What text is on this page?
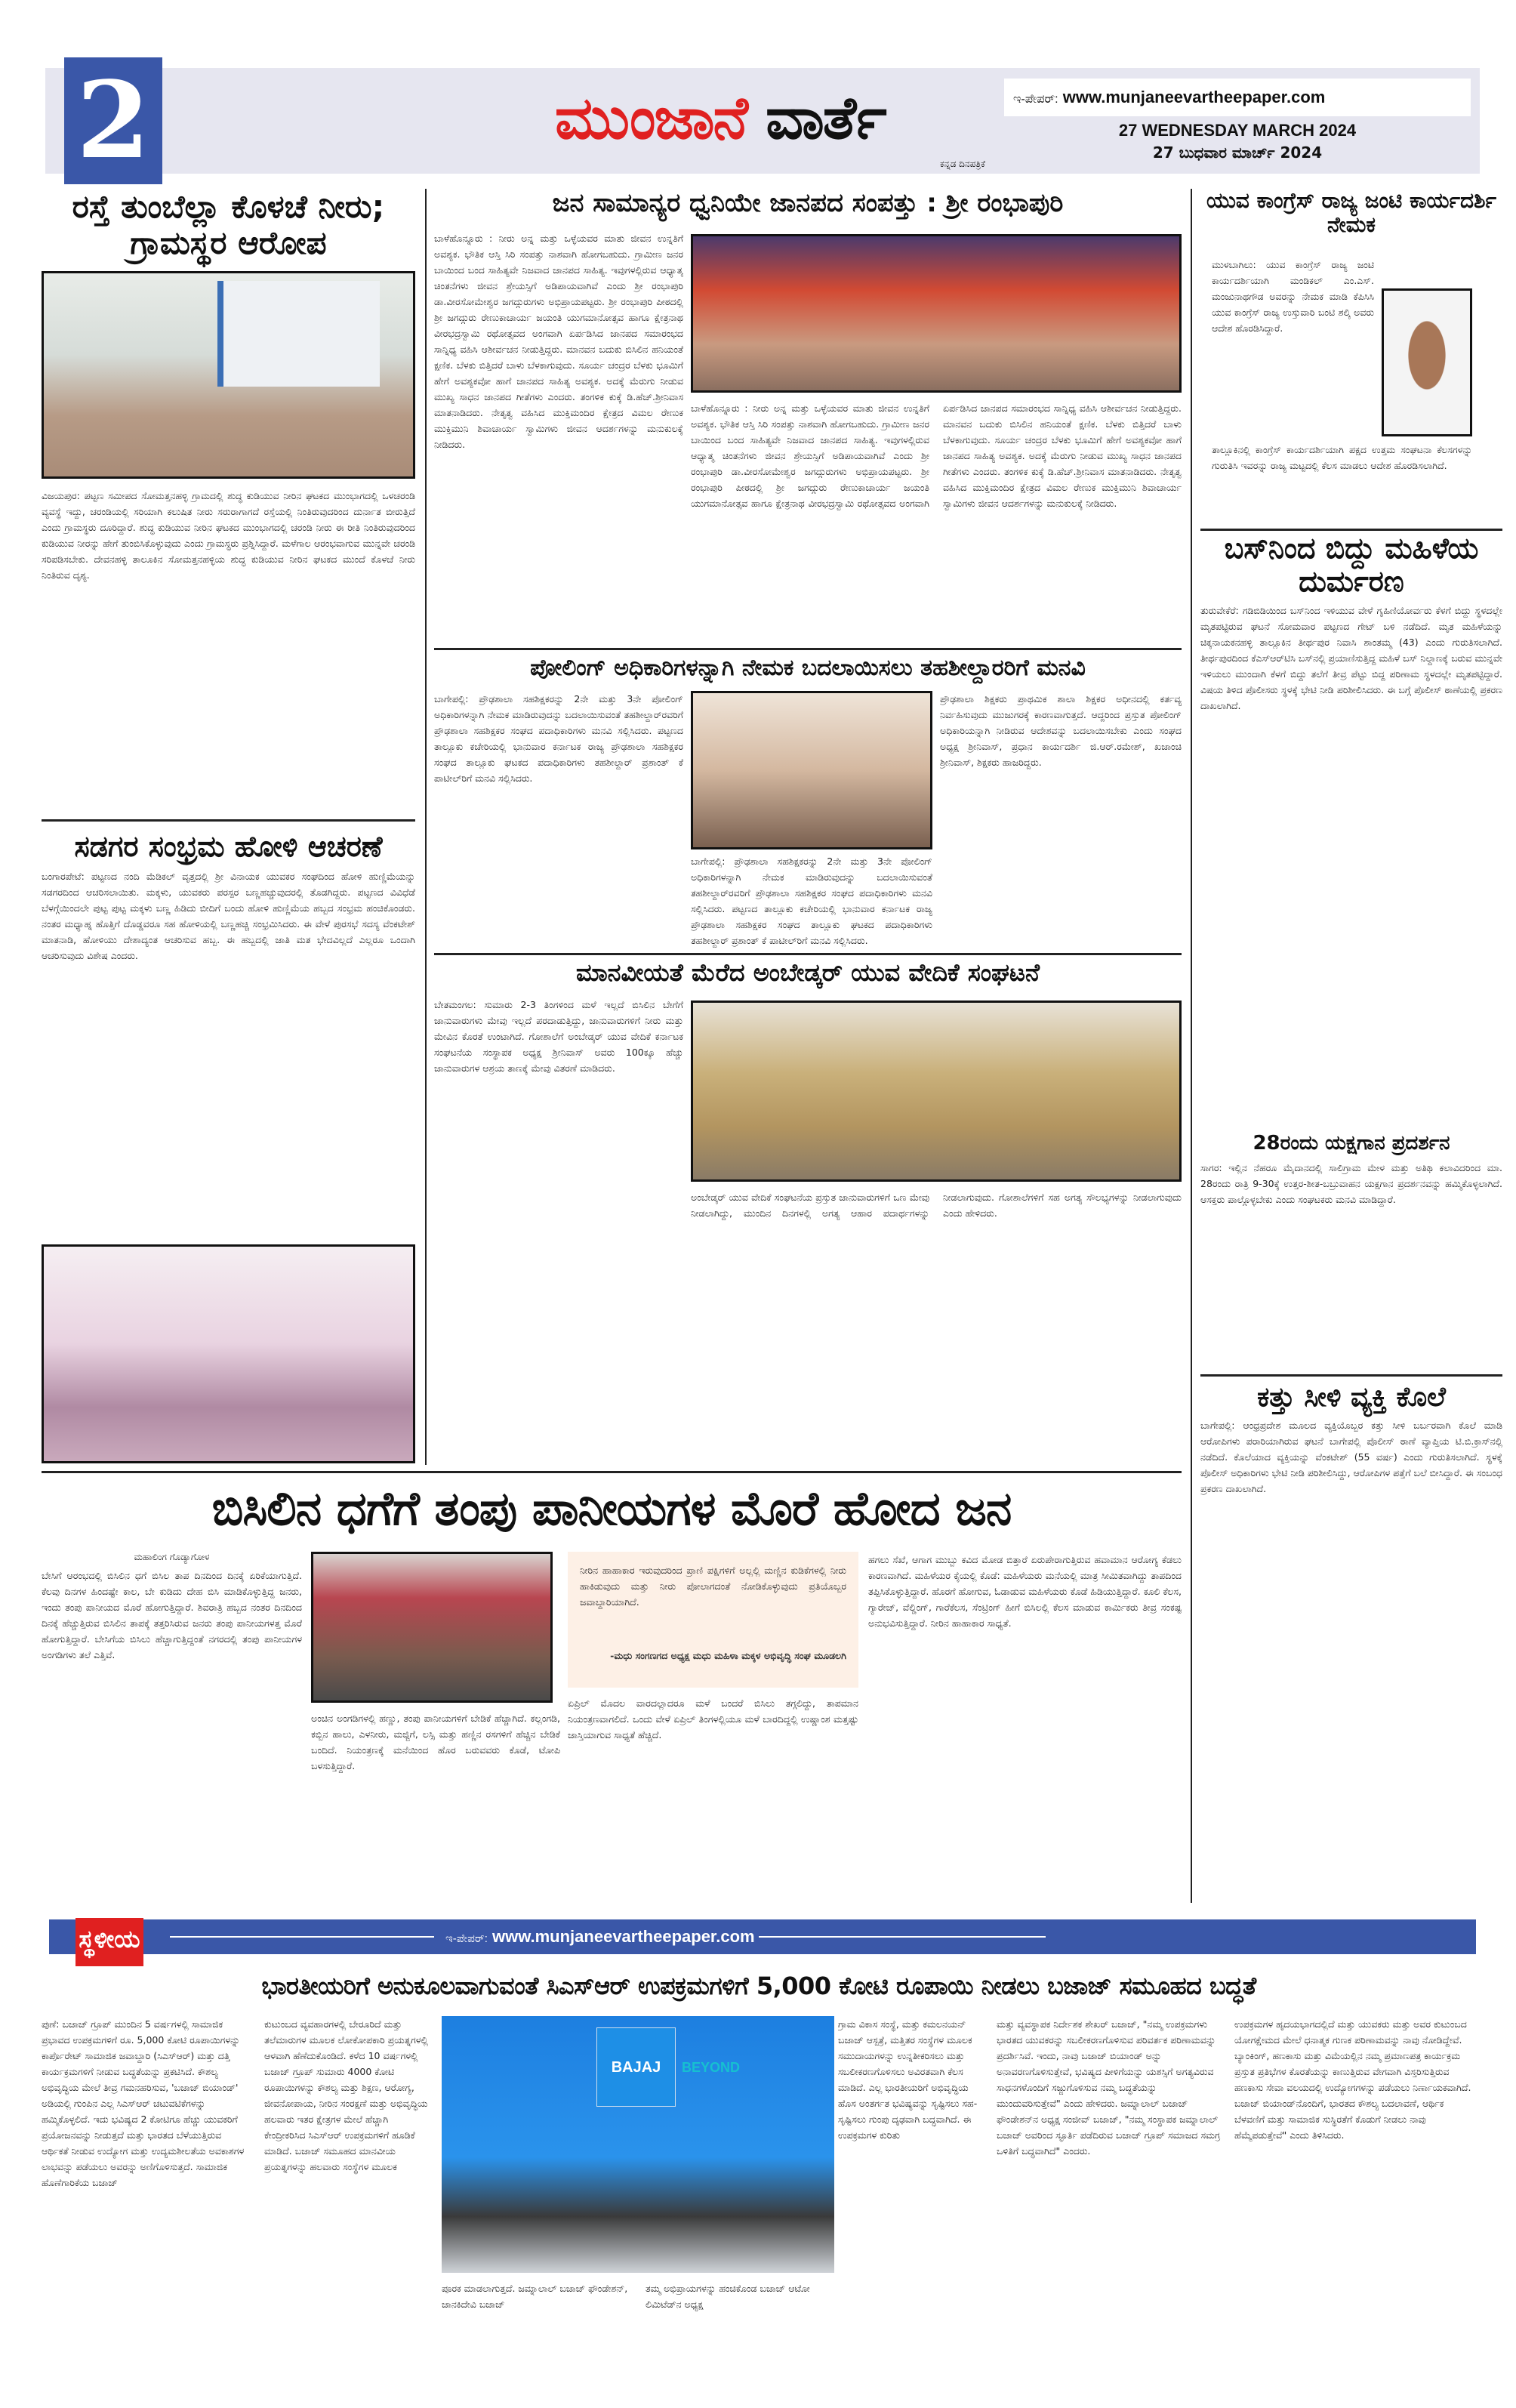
2	ಮುಂಜಾನೆ ವಾರ್ತೆ
ಕನ್ನಡ ದಿನಪತ್ರಿಕೆ
ಇ-ಪೇಪರ್: www.munjaneevartheepaper.com
27 WEDNESDAY MARCH 2024
27 ಬುಧವಾರ ಮಾರ್ಚ್ 2024
ರಸ್ತೆ ತುಂಬೆಲ್ಲಾ ಕೊಳಚೆ ನೀರು; ಗ್ರಾಮಸ್ಥರ ಆರೋಪ
ವಿಜಯಪುರ: ಪಟ್ಟಣ ಸಮೀಪದ ಸೋಮತ್ತನಹಳ್ಳಿ ಗ್ರಾಮದಲ್ಲಿ ಶುದ್ಧ ಕುಡಿಯುವ ನೀರಿನ ಘಟಕದ ಮುಂಭಾಗದಲ್ಲಿ ಒಳಚರಂಡಿ ವ್ಯವಸ್ಥೆ ಇದ್ದು, ಚರಂಡಿಯಲ್ಲಿ ಸರಿಯಾಗಿ ಕಲುಷಿತ ನೀರು ಸರುರಾಗಾಗದೆ ರಸ್ತೆಯಲ್ಲಿ ನಿಂತಿರುವುದರಿಂದ ದುರ್ನಾತ ಬೀರುತ್ತಿದೆ ಎಂದು ಗ್ರಾಮಸ್ಥರು ದೂರಿದ್ದಾರೆ. ಶುದ್ಧ ಕುಡಿಯುವ ನೀರಿನ ಘಟಕದ ಮುಂಭಾಗದಲ್ಲಿ ಚರಂಡಿ ನೀರು ಈ ರೀತಿ ನಿಂತಿರುವುದರಿಂದ ಕುಡಿಯುವ ನೀರನ್ನು ಹೇಗೆ ತುಂಬಿಸಿಕೊಳ್ಳುವುದು ಎಂದು ಗ್ರಾಮಸ್ಥರು ಪ್ರಶ್ನಿಸಿದ್ದಾರೆ. ಮಳೆಗಾಲ ಆರಂಭವಾಗುವ ಮುನ್ನವೇ ಚರಂಡಿ ಸರಿಪಡಿಸಬೇಕು. ದೇವನಹಳ್ಳಿ ತಾಲೂಕಿನ ಸೋಮತ್ತನಹಳ್ಳಿಯ ಶುದ್ಧ ಕುಡಿಯುವ ನೀರಿನ ಘಟಕದ ಮುಂದೆ ಕೊಳಚೆ ನೀರು ನಿಂತಿರುವ ದೃಶ್ಯ.
ಸಡಗರ ಸಂಭ್ರಮ ಹೋಳಿ ಆಚರಣೆ
ಬಂಗಾರಪೇಟೆ: ಪಟ್ಟಣದ ನಂದಿ ಮೆಡಿಕಲ್ ವೃತ್ತದಲ್ಲಿ ಶ್ರೀ ವಿನಾಯಕ ಯುವಕರ ಸಂಘದಿಂದ ಹೋಳಿ ಹುಣ್ಣಿಮೆಯನ್ನು ಸಡಗರದಿಂದ ಆಚರಿಸಲಾಯಿತು. ಮಕ್ಕಳು, ಯುವಕರು ಪರಸ್ಪರ ಬಣ್ಣಹಚ್ಚುವುದರಲ್ಲಿ ತೊಡಗಿದ್ದರು. ಪಟ್ಟಣದ ವಿವಿಧೆಡೆ ಬೆಳಗ್ಗೆಯಿಂದಲೇ ಪುಟ್ಟ ಪುಟ್ಟ ಮಕ್ಕಳು ಬಣ್ಣ ಹಿಡಿದು ಬೀದಿಗೆ ಬಂದು ಹೋಳಿ ಹುಣ್ಣಿಮೆಯ ಹಬ್ಬದ ಸಂಭ್ರಮ ಹಂಚಿಕೊಂಡರು. ನಂತರ ಮಧ್ಯಾಹ್ನ ಹೊತ್ತಿಗೆ ದೊಡ್ಡವರೂ ಸಹ ಹೋಳಿಯಲ್ಲಿ ಬಣ್ಣಹಚ್ಚಿ ಸಂಭ್ರಮಿಸಿದರು. ಈ ವೇಳೆ ಪುರಸಭೆ ಸದಸ್ಯ ವೆಂಕಟೇಶ್ ಮಾತನಾಡಿ, ಹೋಳಿಯು ದೇಶಾದ್ಯಂತ ಆಚರಿಸುವ ಹಬ್ಬ. ಈ ಹಬ್ಬದಲ್ಲಿ ಜಾತಿ ಮತ ಭೇದವಿಲ್ಲದೆ ಎಲ್ಲರೂ ಒಂದಾಗಿ ಆಚರಿಸುವುದು ವಿಶೇಷ ಎಂದರು.
ಜನ ಸಾಮಾನ್ಯರ ಧ್ವನಿಯೇ ಜಾನಪದ ಸಂಪತ್ತು : ಶ್ರೀ ರಂಭಾಪುರಿ
ಬಾಳೆಹೊನ್ನೂರು : ನೀರು ಅನ್ನ ಮತ್ತು ಒಳ್ಳೆಯವರ ಮಾತು ಜೀವನ ಉನ್ನತಿಗೆ ಅವಶ್ಯಕ. ಭೌತಿಕ ಆಸ್ತಿ ಸಿರಿ ಸಂಪತ್ತು ನಾಶವಾಗಿ ಹೋಗಬಹುದು. ಗ್ರಾಮೀಣ ಜನರ ಬಾಯಿಂದ ಬಂದ ಸಾಹಿತ್ಯವೇ ನಿಜವಾದ ಜಾನಪದ ಸಾಹಿತ್ಯ. ಇವುಗಳಲ್ಲಿರುವ ಆಧ್ಯಾತ್ಮ ಚಿಂತನೆಗಳು ಜೀವನ ಶ್ರೇಯಸ್ಸಿಗೆ ಅಡಿಪಾಯವಾಗಿವೆ ಎಂದು ಶ್ರೀ ರಂಭಾಪುರಿ ಡಾ.ವೀರಸೋಮೇಶ್ವರ ಜಗದ್ಗುರುಗಳು ಅಭಿಪ್ರಾಯಪಟ್ಟರು. ಶ್ರೀ ರಂಭಾಪುರಿ ಪೀಠದಲ್ಲಿ ಶ್ರೀ ಜಗದ್ಗುರು ರೇಣುಕಾಚಾರ್ಯ ಜಯಂತಿ ಯುಗಮಾನೋತ್ಸವ ಹಾಗೂ ಕ್ಷೇತ್ರನಾಥ ವೀರಭದ್ರಸ್ವಾಮಿ ರಥೋತ್ಸವದ ಅಂಗವಾಗಿ ಏರ್ಪಡಿಸಿದ ಜಾನಪದ ಸಮಾರಂಭದ ಸಾನ್ನಿಧ್ಯ ವಹಿಸಿ ಆಶೀರ್ವಚನ ನೀಡುತ್ತಿದ್ದರು. ಮಾನವನ ಬದುಕು ಬಿಸಿಲಿನ ಹನಿಯಂತೆ ಕ್ಷಣಿಕ. ಬೆಳಕು ಬಿತ್ತಿದರೆ ಬಾಳು ಬೆಳಕಾಗುವುದು. ಸೂರ್ಯ ಚಂದ್ರರ ಬೆಳಕು ಭೂಮಿಗೆ ಹೇಗೆ ಅವಶ್ಯಕವೋ ಹಾಗೆ ಜಾನಪದ ಸಾಹಿತ್ಯ ಅವಶ್ಯಕ. ಅದಕ್ಕೆ ಮೆರುಗು ನೀಡುವ ಮುಖ್ಯ ಸಾಧನ ಜಾನಪದ ಗೀತೆಗಳು ಎಂದರು. ತಂಗಳಿಕ ಕುಕ್ಕೆ ಡಿ.ಹೆಚ್.ಶ್ರೀನಿವಾಸ ಮಾತನಾಡಿದರು. ನೇತೃತ್ವ ವಹಿಸಿದ ಮುಕ್ತಿಮಂದಿರ ಕ್ಷೇತ್ರದ ವಿಮಲ ರೇಣುಕ ಮುಕ್ತಿಮುನಿ ಶಿವಾಚಾರ್ಯ ಸ್ವಾಮಿಗಳು ಜೀವನ ಆದರ್ಶಗಳನ್ನು ಮನುಕುಲಕ್ಕೆ ನೀಡಿದರು.
ಬಾಳೆಹೊನ್ನೂರು : ನೀರು ಅನ್ನ ಮತ್ತು ಒಳ್ಳೆಯವರ ಮಾತು ಜೀವನ ಉನ್ನತಿಗೆ ಅವಶ್ಯಕ. ಭೌತಿಕ ಆಸ್ತಿ ಸಿರಿ ಸಂಪತ್ತು ನಾಶವಾಗಿ ಹೋಗಬಹುದು. ಗ್ರಾಮೀಣ ಜನರ ಬಾಯಿಂದ ಬಂದ ಸಾಹಿತ್ಯವೇ ನಿಜವಾದ ಜಾನಪದ ಸಾಹಿತ್ಯ. ಇವುಗಳಲ್ಲಿರುವ ಆಧ್ಯಾತ್ಮ ಚಿಂತನೆಗಳು ಜೀವನ ಶ್ರೇಯಸ್ಸಿಗೆ ಅಡಿಪಾಯವಾಗಿವೆ ಎಂದು ಶ್ರೀ ರಂಭಾಪುರಿ ಡಾ.ವೀರಸೋಮೇಶ್ವರ ಜಗದ್ಗುರುಗಳು ಅಭಿಪ್ರಾಯಪಟ್ಟರು. ಶ್ರೀ ರಂಭಾಪುರಿ ಪೀಠದಲ್ಲಿ ಶ್ರೀ ಜಗದ್ಗುರು ರೇಣುಕಾಚಾರ್ಯ ಜಯಂತಿ ಯುಗಮಾನೋತ್ಸವ ಹಾಗೂ ಕ್ಷೇತ್ರನಾಥ ವೀರಭದ್ರಸ್ವಾಮಿ ರಥೋತ್ಸವದ ಅಂಗವಾಗಿ ಏರ್ಪಡಿಸಿದ ಜಾನಪದ ಸಮಾರಂಭದ ಸಾನ್ನಿಧ್ಯ ವಹಿಸಿ ಆಶೀರ್ವಚನ ನೀಡುತ್ತಿದ್ದರು. ಮಾನವನ ಬದುಕು ಬಿಸಿಲಿನ ಹನಿಯಂತೆ ಕ್ಷಣಿಕ. ಬೆಳಕು ಬಿತ್ತಿದರೆ ಬಾಳು ಬೆಳಕಾಗುವುದು. ಸೂರ್ಯ ಚಂದ್ರರ ಬೆಳಕು ಭೂಮಿಗೆ ಹೇಗೆ ಅವಶ್ಯಕವೋ ಹಾಗೆ ಜಾನಪದ ಸಾಹಿತ್ಯ ಅವಶ್ಯಕ. ಅದಕ್ಕೆ ಮೆರುಗು ನೀಡುವ ಮುಖ್ಯ ಸಾಧನ ಜಾನಪದ ಗೀತೆಗಳು ಎಂದರು. ತಂಗಳಿಕ ಕುಕ್ಕೆ ಡಿ.ಹೆಚ್.ಶ್ರೀನಿವಾಸ ಮಾತನಾಡಿದರು. ನೇತೃತ್ವ ವಹಿಸಿದ ಮುಕ್ತಿಮಂದಿರ ಕ್ಷೇತ್ರದ ವಿಮಲ ರೇಣುಕ ಮುಕ್ತಿಮುನಿ ಶಿವಾಚಾರ್ಯ ಸ್ವಾಮಿಗಳು ಜೀವನ ಆದರ್ಶಗಳನ್ನು ಮನುಕುಲಕ್ಕೆ ನೀಡಿದರು.
ಪೋಲಿಂಗ್ ಅಧಿಕಾರಿಗಳನ್ನಾಗಿ ನೇಮಕ ಬದಲಾಯಿಸಲು ತಹಶೀಲ್ದಾರರಿಗೆ ಮನವಿ
ಬಾಗೇಪಲ್ಲಿ: ಪ್ರೌಢಶಾಲಾ ಸಹಶಿಕ್ಷಕರನ್ನು 2ನೇ ಮತ್ತು 3ನೇ ಪೋಲಿಂಗ್ ಅಧಿಕಾರಿಗಳನ್ನಾಗಿ ನೇಮಕ ಮಾಡಿರುವುದನ್ನು ಬದಲಾಯಿಸುವಂತೆ ತಹಶೀಲ್ದಾರ್‌ರವರಿಗೆ ಪ್ರೌಢಶಾಲಾ ಸಹಶಿಕ್ಷಕರ ಸಂಘದ ಪದಾಧಿಕಾರಿಗಳು ಮನವಿ ಸಲ್ಲಿಸಿದರು. ಪಟ್ಟಣದ ತಾಲ್ಲೂಕು ಕಚೇರಿಯಲ್ಲಿ ಭಾನುವಾರ ಕರ್ನಾಟಕ ರಾಜ್ಯ ಪ್ರೌಢಶಾಲಾ ಸಹಶಿಕ್ಷಕರ ಸಂಘದ ತಾಲ್ಲೂಕು ಘಟಕದ ಪದಾಧಿಕಾರಿಗಳು ತಹಶೀಲ್ದಾರ್ ಪ್ರಶಾಂತ್ ಕೆ ಪಾಟೀಲ್‌ರಿಗೆ ಮನವಿ ಸಲ್ಲಿಸಿದರು.
ಬಾಗೇಪಲ್ಲಿ: ಪ್ರೌಢಶಾಲಾ ಸಹಶಿಕ್ಷಕರನ್ನು 2ನೇ ಮತ್ತು 3ನೇ ಪೋಲಿಂಗ್ ಅಧಿಕಾರಿಗಳನ್ನಾಗಿ ನೇಮಕ ಮಾಡಿರುವುದನ್ನು ಬದಲಾಯಿಸುವಂತೆ ತಹಶೀಲ್ದಾರ್‌ರವರಿಗೆ ಪ್ರೌಢಶಾಲಾ ಸಹಶಿಕ್ಷಕರ ಸಂಘದ ಪದಾಧಿಕಾರಿಗಳು ಮನವಿ ಸಲ್ಲಿಸಿದರು. ಪಟ್ಟಣದ ತಾಲ್ಲೂಕು ಕಚೇರಿಯಲ್ಲಿ ಭಾನುವಾರ ಕರ್ನಾಟಕ ರಾಜ್ಯ ಪ್ರೌಢಶಾಲಾ ಸಹಶಿಕ್ಷಕರ ಸಂಘದ ತಾಲ್ಲೂಕು ಘಟಕದ ಪದಾಧಿಕಾರಿಗಳು ತಹಶೀಲ್ದಾರ್ ಪ್ರಶಾಂತ್ ಕೆ ಪಾಟೀಲ್‌ರಿಗೆ ಮನವಿ ಸಲ್ಲಿಸಿದರು.
ಪ್ರೌಢಶಾಲಾ ಶಿಕ್ಷಕರು ಪ್ರಾಥಮಿಕ ಶಾಲಾ ಶಿಕ್ಷಕರ ಅಧೀನದಲ್ಲಿ ಕರ್ತವ್ಯ ನಿರ್ವಹಿಸುವುದು ಮುಜುಗರಕ್ಕೆ ಕಾರಣವಾಗುತ್ತದೆ. ಆದ್ದರಿಂದ ಪ್ರಸ್ತುತ ಪೋಲಿಂಗ್ ಅಧಿಕಾರಿಯನ್ನಾಗಿ ನೀಡಿರುವ ಆದೇಶವನ್ನು ಬದಲಾಯಿಸಬೇಕು ಎಂದು ಸಂಘದ ಅಧ್ಯಕ್ಷ ಶ್ರೀನಿವಾಸ್, ಪ್ರಧಾನ ಕಾರ್ಯದರ್ಶಿ ಜಿ.ಆರ್.ರಮೇಶ್, ಖಜಾಂಚಿ ಶ್ರೀನಿವಾಸ್, ಶಿಕ್ಷಕರು ಹಾಜರಿದ್ದರು.
ಮಾನವೀಯತೆ ಮೆರೆದ ಅಂಬೇಡ್ಕರ್ ಯುವ ವೇದಿಕೆ ಸಂಘಟನೆ
ಬೇತಮಂಗಲ: ಸುಮಾರು 2-3 ತಿಂಗಳಿಂದ ಮಳೆ ಇಲ್ಲದೆ ಬಿಸಿಲಿನ ಬೇಗೆಗೆ ಜಾನುವಾರುಗಳು ಮೇವು ಇಲ್ಲದೆ ಪರದಾಡುತ್ತಿದ್ದು, ಜಾನುವಾರುಗಳಿಗೆ ನೀರು ಮತ್ತು ಮೇವಿನ ಕೊರತೆ ಉಂಟಾಗಿದೆ. ಗೋಶಾಲೆಗೆ ಅಂಬೇಡ್ಕರ್ ಯುವ ವೇದಿಕೆ ಕರ್ನಾಟಕ ಸಂಘಟನೆಯ ಸಂಸ್ಥಾಪಕ ಅಧ್ಯಕ್ಷ ಶ್ರೀನಿವಾಸ್ ಅವರು 100ಕ್ಕೂ ಹೆಚ್ಚು ಜಾನುವಾರುಗಳ ಆಶ್ರಯ ತಾಣಕ್ಕೆ ಮೇವು ವಿತರಣೆ ಮಾಡಿದರು.
ಅಂಬೇಡ್ಕರ್ ಯುವ ವೇದಿಕೆ ಸಂಘಟನೆಯ ಪ್ರಸ್ತುತ ಜಾನುವಾರುಗಳಿಗೆ ಒಣ ಮೇವು ನೀಡಲಾಗಿದ್ದು, ಮುಂದಿನ ದಿನಗಳಲ್ಲಿ ಅಗತ್ಯ ಆಹಾರ ಪದಾರ್ಥಗಳನ್ನು ನೀಡಲಾಗುವುದು. ಗೋಶಾಲೆಗಳಿಗೆ ಸಹ ಅಗತ್ಯ ಸೌಲಭ್ಯಗಳನ್ನು ನೀಡಲಾಗುವುದು ಎಂದು ಹೇಳಿದರು.
ಯುವ ಕಾಂಗ್ರೆಸ್ ರಾಜ್ಯ ಜಂಟಿ ಕಾರ್ಯದರ್ಶಿ ನೇಮಕ
ಮುಳಬಾಗಿಲು: ಯುವ ಕಾಂಗ್ರೆಸ್ ರಾಜ್ಯ ಜಂಟಿ ಕಾರ್ಯದರ್ಶಿಯಾಗಿ ಮಂಡಿಕಲ್ ಎಂ.ಎಸ್. ಮಂಜುನಾಥಗೌಡ ಅವರನ್ನು ನೇಮಕ ಮಾಡಿ ಕೆಪಿಸಿಸಿ ಯುವ ಕಾಂಗ್ರೆಸ್ ರಾಜ್ಯ ಉಸ್ತುವಾರಿ ಬಂಟಿ ಶಲ್ಕಿ ಅವರು ಆದೇಶ ಹೊರಡಿಸಿದ್ದಾರೆ.
ತಾಲ್ಲೂಕಿನಲ್ಲಿ ಕಾಂಗ್ರೆಸ್ ಕಾರ್ಯದರ್ಶಿಯಾಗಿ ಪಕ್ಷದ ಉತ್ತಮ ಸಂಘಟನಾ ಕೆಲಸಗಳನ್ನು ಗುರುತಿಸಿ ಇವರನ್ನು ರಾಜ್ಯ ಮಟ್ಟದಲ್ಲಿ ಕೆಲಸ ಮಾಡಲು ಆದೇಶ ಹೊರಡಿಸಲಾಗಿದೆ.
ಬಸ್‌ನಿಂದ ಬಿದ್ದು ಮಹಿಳೆಯ ದುರ್ಮರಣ
ತುರುವೇಕೆರೆ: ಗಡಿಬಿಡಿಯಿಂದ ಬಸ್‌ನಿಂದ ಇಳಿಯುವ ವೇಳೆ ಗೃಹಿಣಿಯೋರ್ವರು ಕೆಳಗೆ ಬಿದ್ದು ಸ್ಥಳದಲ್ಲೇ ಮೃತಪಟ್ಟಿರುವ ಘಟನೆ ಸೋಮವಾರ ಪಟ್ಟಣದ ಗೇಟ್ ಬಳಿ ನಡೆದಿದೆ. ಮೃತ ಮಹಿಳೆಯನ್ನು ಚಿಕ್ಕನಾಯಕನಹಳ್ಳಿ ತಾಲ್ಲೂಕಿನ ತೀರ್ಥಪುರ ನಿವಾಸಿ ಶಾಂತಮ್ಮ (43) ಎಂದು ಗುರುತಿಸಲಾಗಿದೆ. ತೀರ್ಥಪುರದಿಂದ ಕೆಎಸ್‌ಆರ್‌ಟಿಸಿ ಬಸ್‌ನಲ್ಲಿ ಪ್ರಯಾಣಿಸುತ್ತಿದ್ದ ಮಹಿಳೆ ಬಸ್ ನಿಲ್ದಾಣಕ್ಕೆ ಬರುವ ಮುನ್ನವೇ ಇಳಿಯಲು ಮುಂದಾಗಿ ಕೆಳಗೆ ಬಿದ್ದು ತಲೆಗೆ ತೀವ್ರ ಪೆಟ್ಟು ಬಿದ್ದ ಪರಿಣಾಮ ಸ್ಥಳದಲ್ಲೇ ಮೃತಪಟ್ಟಿದ್ದಾರೆ. ವಿಷಯ ತಿಳಿದ ಪೊಲೀಸರು ಸ್ಥಳಕ್ಕೆ ಭೇಟಿ ನೀಡಿ ಪರಿಶೀಲಿಸಿದರು. ಈ ಬಗ್ಗೆ ಪೊಲೀಸ್ ಠಾಣೆಯಲ್ಲಿ ಪ್ರಕರಣ ದಾಖಲಾಗಿದೆ.
28ರಂದು ಯಕ್ಷಗಾನ ಪ್ರದರ್ಶನ
ಸಾಗರ: ಇಲ್ಲಿನ ನೆಹರೂ ಮೈದಾನದಲ್ಲಿ ಸಾಲಿಗ್ರಾಮ ಮೇಳ ಮತ್ತು ಅತಿಥಿ ಕಲಾವಿದರಿಂದ ಮಾ. 28ರಂದು ರಾತ್ರಿ 9-30ಕ್ಕೆ ಉತ್ತರ-ಶೀತ-ಬಬ್ರುವಾಹನ ಯಕ್ಷಗಾನ ಪ್ರದರ್ಶನವನ್ನು ಹಮ್ಮಿಕೊಳ್ಳಲಾಗಿದೆ. ಆಸಕ್ತರು ಪಾಲ್ಗೊಳ್ಳಬೇಕು ಎಂದು ಸಂಘಟಕರು ಮನವಿ ಮಾಡಿದ್ದಾರೆ.
ಕತ್ತು ಸೀಳಿ ವ್ಯಕ್ತಿ ಕೊಲೆ
ಬಾಗೇಪಲ್ಲಿ: ಆಂಧ್ರಪ್ರದೇಶ ಮೂಲದ ವ್ಯಕ್ತಿಯೊಬ್ಬರ ಕತ್ತು ಸೀಳಿ ಬರ್ಬರವಾಗಿ ಕೊಲೆ ಮಾಡಿ ಆರೋಪಿಗಳು ಪರಾರಿಯಾಗಿರುವ ಘಟನೆ ಬಾಗೇಪಲ್ಲಿ ಪೊಲೀಸ್ ಠಾಣೆ ವ್ಯಾಪ್ತಿಯ ಟಿ.ಬಿ.ಕ್ರಾಸ್‌ನಲ್ಲಿ ನಡೆದಿದೆ. ಕೊಲೆಯಾದ ವ್ಯಕ್ತಿಯನ್ನು ವೆಂಕಟೇಶ್ (55 ವರ್ಷ) ಎಂದು ಗುರುತಿಸಲಾಗಿದೆ. ಸ್ಥಳಕ್ಕೆ ಪೊಲೀಸ್ ಅಧಿಕಾರಿಗಳು ಭೇಟಿ ನೀಡಿ ಪರಿಶೀಲಿಸಿದ್ದು, ಆರೋಪಿಗಳ ಪತ್ತೆಗೆ ಬಲೆ ಬೀಸಿದ್ದಾರೆ. ಈ ಸಂಬಂಧ ಪ್ರಕರಣ ದಾಖಲಾಗಿದೆ.
ಬಿಸಿಲಿನ ಧಗೆಗೆ ತಂಪು ಪಾನೀಯಗಳ ಮೊರೆ ಹೋದ ಜನ
ಮಹಾಲಿಂಗ ಗೊಡ್ಯಾಗೋಳ
ಬೇಸಿಗೆ ಆರಂಭದಲ್ಲಿ ಬಿಸಿಲಿನ ಧಗೆ ಬಿಸಿಲ ತಾಪ ದಿನದಿಂದ ದಿನಕ್ಕೆ ಏರಿಕೆಯಾಗುತ್ತಿದೆ. ಕೆಲವು ದಿನಗಳ ಹಿಂದಷ್ಟೇ ಕಾಲ, ಬೇ ಕುಡಿದು ದೇಹ ಬಿಸಿ ಮಾಡಿಕೊಳ್ಳುತ್ತಿದ್ದ ಜನರು, ಇಂದು ತಂಪು ಪಾನೀಯದ ಮೊರೆ ಹೋಗುತ್ತಿದ್ದಾರೆ. ಶಿವರಾತ್ರಿ ಹಬ್ಬದ ನಂತರ ದಿನದಿಂದ ದಿನಕ್ಕೆ ಹೆಚ್ಚುತ್ತಿರುವ ಬಿಸಿಲಿನ ತಾಪಕ್ಕೆ ತತ್ತರಿಸಿರುವ ಜನರು ತಂಪು ಪಾನೀಯಗಳತ್ತ ಮೊರೆ ಹೋಗುತ್ತಿದ್ದಾರೆ. ಬೇಸಿಗೆಯ ಬಿಸಿಲು ಹೆಚ್ಚಾಗುತ್ತಿದ್ದಂತೆ ನಗರದಲ್ಲಿ ತಂಪು ಪಾನೀಯಗಳ ಅಂಗಡಿಗಳು ತಲೆ ಎತ್ತಿವೆ.
ಅಂಚಿನ ಅಂಗಡಿಗಳಲ್ಲಿ ಹಣ್ಣು, ತಂಪು ಪಾನೀಯಗಳಿಗೆ ಬೇಡಿಕೆ ಹೆಚ್ಚಾಗಿದೆ. ಕಲ್ಲಂಗಡಿ, ಕಬ್ಬಿನ ಹಾಲು, ಎಳನೀರು, ಮಜ್ಜಿಗೆ, ಲಸ್ಸಿ ಮತ್ತು ಹಣ್ಣಿನ ರಸಗಳಿಗೆ ಹೆಚ್ಚಿನ ಬೇಡಿಕೆ ಬಂದಿದೆ. ನಿಯಂತ್ರಣಕ್ಕೆ ಮನೆಯಿಂದ ಹೊರ ಬರುವವರು ಕೊಡೆ, ಟೋಪಿ ಬಳಸುತ್ತಿದ್ದಾರೆ.
ನೀರಿನ ಹಾಹಾಕಾರ ಇರುವುದರಿಂದ ಪ್ರಾಣಿ ಪಕ್ಷಿಗಳಿಗೆ ಅಲ್ಲಲ್ಲಿ ಮಣ್ಣಿನ ಕುಡಿಕೆಗಳಲ್ಲಿ ನೀರು ಹಾಕಿಡುವುದು ಮತ್ತು ನೀರು ಪೋಲಾಗದಂತೆ ನೋಡಿಕೊಳ್ಳುವುದು ಪ್ರತಿಯೊಬ್ಬರ ಜವಾಬ್ದಾರಿಯಾಗಿದೆ.
-ಮಧು ಸಂಗಣಗದ ಅಧ್ಯಕ್ಷ ಮಧು ಮಹಿಳಾ ಮಕ್ಕಳ ಅಭಿವೃದ್ಧಿ ಸಂಘ ಮೂಡಲಗಿ
ಏಪ್ರಿಲ್ ಮೊದಲ ವಾರದಲ್ಲಾದರೂ ಮಳೆ ಬಂದರೆ ಬಿಸಿಲು ತಗ್ಗಲಿದ್ದು, ತಾಪಮಾನ ನಿಯಂತ್ರಣವಾಗಲಿದೆ. ಒಂದು ವೇಳೆ ಏಪ್ರಿಲ್ ತಿಂಗಳಲ್ಲಿಯೂ ಮಳೆ ಬಾರದಿದ್ದಲ್ಲಿ ಉಷ್ಣಾಂಶ ಮತ್ತಷ್ಟು ಜಾಸ್ತಿಯಾಗುವ ಸಾಧ್ಯತೆ ಹೆಚ್ಚಿದೆ.
ಹಗಲು ಸೆಖೆ, ಆಗಾಗ ಮುಬ್ಬು ಕವಿದ ಮೋಡ ಬಿತ್ತಾರೆ ಏರುಪೇರಾಗುತ್ತಿರುವ ಹವಾಮಾನ ಆರೋಗ್ಯ ಕೆಡಲು ಕಾರಣವಾಗಿದೆ. ಮಹಿಳೆಯರ ಕೈಯಲ್ಲಿ ಕೊಡೆ: ಮಹಿಳೆಯರು ಮನೆಯಲ್ಲಿ ಮಾತ್ರ ಸೀಮಿತವಾಗಿದ್ದು ತಾಪದಿಂದ ತಪ್ಪಿಸಿಕೊಳ್ಳುತ್ತಿದ್ದಾರೆ. ಹೊರಗೆ ಹೋಗುವ, ಓಡಾಡುವ ಮಹಿಳೆಯರು ಕೊಡೆ ಹಿಡಿಯುತ್ತಿದ್ದಾರೆ. ಕೂಲಿ ಕೆಲಸ, ಗ್ಯಾರೇಜ್, ವೆಲ್ಡಿಂಗ್, ಗಾರೆಕೆಲಸ, ಸೆಂಟ್ರಿಂಗ್ ಹೀಗೆ ಬಿಸಿಲಲ್ಲಿ ಕೆಲಸ ಮಾಡುವ ಕಾರ್ಮಿಕರು ತೀವ್ರ ಸಂಕಷ್ಟ ಅನುಭವಿಸುತ್ತಿದ್ದಾರೆ. ನೀರಿನ ಹಾಹಾಕಾರ ಸಾಧ್ಯತೆ.
ಇ-ಪೇಪರ್: www.munjaneevartheepaper.com
ಸ್ಥಳೀಯ
ಭಾರತೀಯರಿಗೆ ಅನುಕೂಲವಾಗುವಂತೆ ಸಿಎಸ್‌ಆರ್ ಉಪಕ್ರಮಗಳಿಗೆ 5,000 ಕೋಟಿ ರೂಪಾಯಿ ನೀಡಲು ಬಜಾಜ್ ಸಮೂಹದ ಬದ್ಧತೆ
ಪುಣೆ: ಬಜಾಜ್ ಗ್ರೂಪ್ ಮುಂದಿನ 5 ವರ್ಷಗಳಲ್ಲಿ ಸಾಮಾಜಿಕ ಪ್ರಭಾವದ ಉಪಕ್ರಮಗಳಿಗೆ ರೂ. 5,000 ಕೋಟಿ ರೂಪಾಯಿಗಳನ್ನು ಕಾರ್ಪೊರೇಟ್ ಸಾಮಾಜಿಕ ಜವಾಬ್ದಾರಿ (ಸಿಎಸ್‌ಆರ್) ಮತ್ತು ದತ್ತಿ ಕಾರ್ಯಕ್ರಮಗಳಿಗೆ ನೀಡುವ ಬದ್ಧತೆಯನ್ನು ಪ್ರಕಟಿಸಿದೆ. ಕೌಶಲ್ಯ ಅಭಿವೃದ್ಧಿಯ ಮೇಲೆ ತೀವ್ರ ಗಮನಹರಿಸುವ, 'ಬಜಾಜ್ ಬಿಯಾಂಡ್' ಅಡಿಯಲ್ಲಿ ಗುಂಪಿನ ಎಲ್ಲ ಸಿಎಸ್‌ಆರ್ ಚಟುವಟಿಕೆಗಳನ್ನು ಹಮ್ಮಿಕೊಳ್ಳಲಿದೆ. ಇದು ಭವಿಷ್ಯದ 2 ಕೋಟಿಗೂ ಹೆಚ್ಚು ಯುವಕರಿಗೆ ಪ್ರಯೋಜನವನ್ನು ನೀಡುತ್ತದೆ ಮತ್ತು ಭಾರತದ ಬೆಳೆಯುತ್ತಿರುವ ಆರ್ಥಿಕತೆ ನೀಡುವ ಉದ್ಯೋಗ ಮತ್ತು ಉದ್ಯಮಶೀಲತೆಯ ಅವಕಾಶಗಳ ಲಾಭವನ್ನು ಪಡೆಯಲು ಅವರನ್ನು ಅಣಿಗೊಳಿಸುತ್ತದೆ. ಸಾಮಾಜಿಕ ಹೊಣೆಗಾರಿಕೆಯ ಬಜಾಜ್
ಕುಟುಂಬದ ವ್ಯವಹಾರಗಳಲ್ಲಿ ಬೇರೂರಿದೆ ಮತ್ತು ತಲೆಮಾರುಗಳ ಮೂಲಕ ಲೋಕೋಪಕಾರಿ ಪ್ರಯತ್ನಗಳಲ್ಲಿ ಆಳವಾಗಿ ಹೆಣೆದುಕೊಂಡಿದೆ. ಕಳೆದ 10 ವರ್ಷಗಳಲ್ಲಿ ಬಜಾಜ್ ಗ್ರೂಪ್ ಸುಮಾರು 4000 ಕೋಟಿ ರೂಪಾಯಿಗಳನ್ನು ಕೌಶಲ್ಯ ಮತ್ತು ಶಿಕ್ಷಣ, ಆರೋಗ್ಯ, ಜೀವನೋಪಾಯ, ನೀರಿನ ಸಂರಕ್ಷಣೆ ಮತ್ತು ಅಭಿವೃದ್ಧಿಯ ಹಲವಾರು ಇತರ ಕ್ಷೇತ್ರಗಳ ಮೇಲೆ ಹೆಚ್ಚಾಗಿ ಕೇಂದ್ರೀಕರಿಸಿದ ಸಿಎಸ್‌ಆರ್ ಉಪಕ್ರಮಗಳಿಗೆ ಹೂಡಿಕೆ ಮಾಡಿದೆ. ಬಜಾಜ್ ಸಮೂಹದ ಮಾನವೀಯ ಪ್ರಯತ್ನಗಳನ್ನು ಹಲವಾರು ಸಂಸ್ಥೆಗಳ ಮೂಲಕ
BAJAJ	BEYOND
ಪೂರಕ ಮಾಡಲಾಗುತ್ತದೆ. ಜಮ್ನಾಲಾಲ್ ಬಜಾಜ್ ಫೌಂಡೇಶನ್, ಜಾನಕಿದೇವಿ ಬಜಾಜ್
ತಮ್ಮ ಅಭಿಪ್ರಾಯಗಳನ್ನು ಹಂಚಿಕೊಂಡ ಬಜಾಜ್ ಆಟೋ ಲಿಮಿಟೆಡ್‌ನ ಅಧ್ಯಕ್ಷ
ಗ್ರಾಮ ವಿಕಾಸ ಸಂಸ್ಥೆ, ಮತ್ತು ಕಮಲನಯನ್ ಬಜಾಜ್ ಆಸ್ಪತ್ರೆ, ಮತ್ತಿತರ ಸಂಸ್ಥೆಗಳ ಮೂಲಕ ಸಮುದಾಯಗಳನ್ನು ಉನ್ನತೀಕರಿಸಲು ಮತ್ತು ಸಬಲೀಕರಣಗೊಳಿಸಲು ಅವಿರತವಾಗಿ ಕೆಲಸ ಮಾಡಿದೆ. ಎಲ್ಲ ಭಾರತೀಯರಿಗೆ ಅಭಿವೃದ್ಧಿಯ ಹೊಸ ಅಂತರ್ಗತ ಭವಿಷ್ಯವನ್ನು ಸೃಷ್ಟಿಸಲು ಸಹ-ಸೃಷ್ಟಿಸಲು ಗುಂಪು ದೃಢವಾಗಿ ಬದ್ಧವಾಗಿದೆ. ಈ ಉಪಕ್ರಮಗಳ ಕುರಿತು
ಮತ್ತು ವ್ಯವಸ್ಥಾಪಕ ನಿರ್ದೇಶಕ ಶೇಖರ್ ಬಜಾಜ್, "ನಮ್ಮ ಉಪಕ್ರಮಗಳು ಭಾರತದ ಯುವಕರನ್ನು ಸಬಲೀಕರಣಗೊಳಿಸುವ ಪರಿವರ್ತಕ ಪರಿಣಾಮವನ್ನು ಪ್ರದರ್ಶಿಸಿವೆ. ಇಂದು, ನಾವು ಬಜಾಜ್ ಬಿಯಾಂಡ್ ಅನ್ನು ಅನಾವರಣಗೊಳಿಸುತ್ತೇವೆ, ಭವಿಷ್ಯದ ಪೀಳಿಗೆಯನ್ನು ಯಶಸ್ಸಿಗೆ ಅಗತ್ಯವಿರುವ ಸಾಧನಗಳೊಂದಿಗೆ ಸಜ್ಜುಗೊಳಿಸುವ ನಮ್ಮ ಬದ್ಧತೆಯನ್ನು ಮುಂದುವರಿಸುತ್ತೇವೆ" ಎಂದು ಹೇಳಿದರು. ಜಮ್ನಾಲಾಲ್ ಬಜಾಜ್ ಫೌಂಡೇಶನ್‌ನ ಅಧ್ಯಕ್ಷ ಸಂಜೀವ್ ಬಜಾಜ್, "ನಮ್ಮ ಸಂಸ್ಥಾಪಕ ಜಮ್ನಾಲಾಲ್ ಬಜಾಜ್ ಅವರಿಂದ ಸ್ಫೂರ್ತಿ ಪಡೆದಿರುವ ಬಜಾಜ್ ಗ್ರೂಪ್ ಸಮಾಜದ ಸಮಗ್ರ ಒಳಿತಿಗೆ ಬದ್ಧವಾಗಿದೆ" ಎಂದರು.
ಉಪಕ್ರಮಗಳ ಹೃದಯಭಾಗದಲ್ಲಿದೆ ಮತ್ತು ಯುವಕರು ಮತ್ತು ಅವರ ಕುಟುಂಬದ ಯೋಗಕ್ಷೇಮದ ಮೇಲೆ ಧನಾತ್ಮಕ ಗುಣಕ ಪರಿಣಾಮವನ್ನು ನಾವು ನೋಡಿದ್ದೇವೆ. ಬ್ಯಾಂಕಿಂಗ್, ಹಣಕಾಸು ಮತ್ತು ವಿಮೆಯಲ್ಲಿನ ನಮ್ಮ ಪ್ರಮಾಣಪತ್ರ ಕಾರ್ಯಕ್ರಮ ಪ್ರಸ್ತುತ ಪ್ರತಿಭೆಗಳ ಕೊರತೆಯನ್ನು ಕಾಣುತ್ತಿರುವ ವೇಗವಾಗಿ ವಿಸ್ತರಿಸುತ್ತಿರುವ ಹಣಕಾಸು ಸೇವಾ ವಲಯದಲ್ಲಿ ಉದ್ಯೋಗಗಳನ್ನು ಪಡೆಯಲು ನಿರ್ಣಾಯಕವಾಗಿದೆ. ಬಜಾಜ್ ಬಿಯಾಂಡ್‌ನೊಂದಿಗೆ, ಭಾರತದ ಕೌಶಲ್ಯ ಬದಲಾವಣೆ, ಆರ್ಥಿಕ ಬೆಳವಣಿಗೆ ಮತ್ತು ಸಾಮಾಜಿಕ ಸುಸ್ಥಿರತೆಗೆ ಕೊಡುಗೆ ನೀಡಲು ನಾವು ಹೆಮ್ಮೆಪಡುತ್ತೇವೆ" ಎಂದು ತಿಳಿಸಿದರು.
